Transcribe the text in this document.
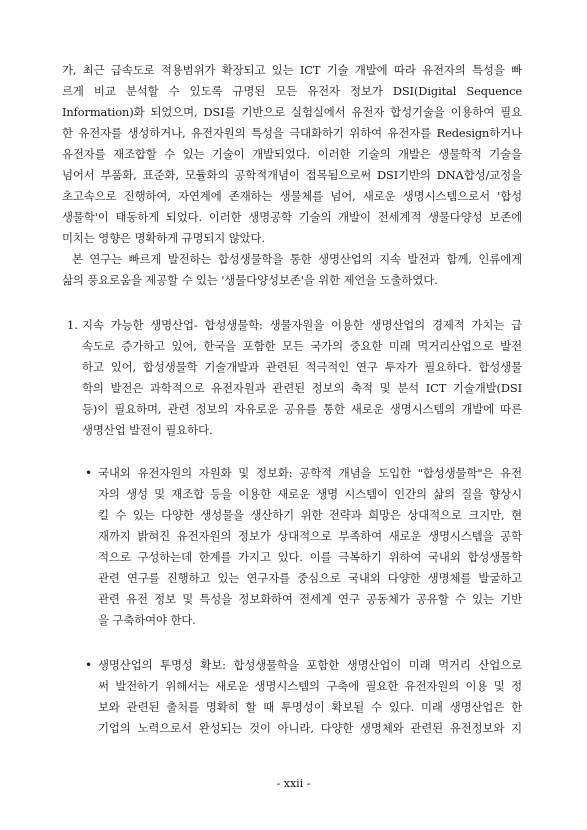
가, 최근 급속도로 적용범위가 확장되고 있는 ICT 기술 개발에 따라 유전자의 특성을 빠
르게 비교 분석할 수 있도록 규명된 모든 유전자 정보가 DSI(Digital Sequence
Information)화 되었으며, DSI를 기반으로 실험실에서 유전자 합성기술을 이용하여 필요
한 유전자를 생성하거나, 유전자원의 특성을 극대화하기 위하여 유전자를 Redesign하거나
유전자를 재조합할 수 있는 기술이 개발되었다. 이러한 기술의 개발은 생물학적 기술을
넘어서 부품화, 표준화, 모듈화의 공학적개념이 접목됨으로써 DSI기반의 DNA합성/교정을
초고속으로 진행하여, 자연계에 존재하는 생물체를 넘어, 새로운 생명시스템으로서 '합성
생물학'이 태동하게 되었다. 이러한 생명공학 기술의 개발이 전세계적 생물다양성 보존에
미치는 영향은 명확하게 규명되지 않았다.
본 연구는 빠르게 발전하는 합성생물학을 통한 생명산업의 지속 발전과 함께, 인류에게
삶의 풍요로움을 제공할 수 있는 '생물다양성보존'을 위한 제언을 도출하였다.
1. 지속 가능한 생명산업- 합성생물학: 생물자원을 이용한 생명산업의 경제적 가치는 급
속도로 증가하고 있어, 한국을 포함한 모든 국가의 중요한 미래 먹거리산업으로 발전
하고 있어, 합성생물학 기술개발과 관련된 적극적인 연구 투자가 필요하다. 합성생물
학의 발전은 과학적으로 유전자원과 관련된 정보의 축적 및 분석 ICT 기술개발(DSI
등)이 필요하며, 관련 정보의 자유로운 공유를 통한 새로운 생명시스템의 개발에 따른
생명산업 발전이 필요하다.
• 국내외 유전자원의 자원화 및 정보화: 공학적 개념을 도입한 "합성생물학"은 유전
자의 생성 및 재조합 등을 이용한 새로운 생명 시스템이 인간의 삶의 질을 향상시
킬 수 있는 다양한 생성물을 생산하기 위한 전략과 희망은 상대적으로 크지만, 현
재까지 밝혀진 유전자원의 정보가 상대적으로 부족하여 새로운 생명시스템을 공학
적으로 구성하는데 한계를 가지고 있다. 이를 극복하기 위하여 국내외 합성생물학
관련 연구를 진행하고 있는 연구자를 중심으로 국내외 다양한 생명체를 발굴하고
관련 유전 정보 및 특성을 정보화하여 전세계 연구 공동체가 공유할 수 있는 기반
을 구축하여야 한다.
• 생명산업의 투명성 확보: 합성생물학을 포함한 생명산업이 미래 먹거리 산업으로
써 발전하기 위해서는 새로운 생명시스템의 구축에 필요한 유전자원의 이용 및 정
보와 관련된 출처를 명확히 할 때 투명성이 확보될 수 있다. 미래 생명산업은 한
기업의 노력으로서 완성되는 것이 아니라, 다양한 생명체와 관련된 유전정보와 지
- xxii -
